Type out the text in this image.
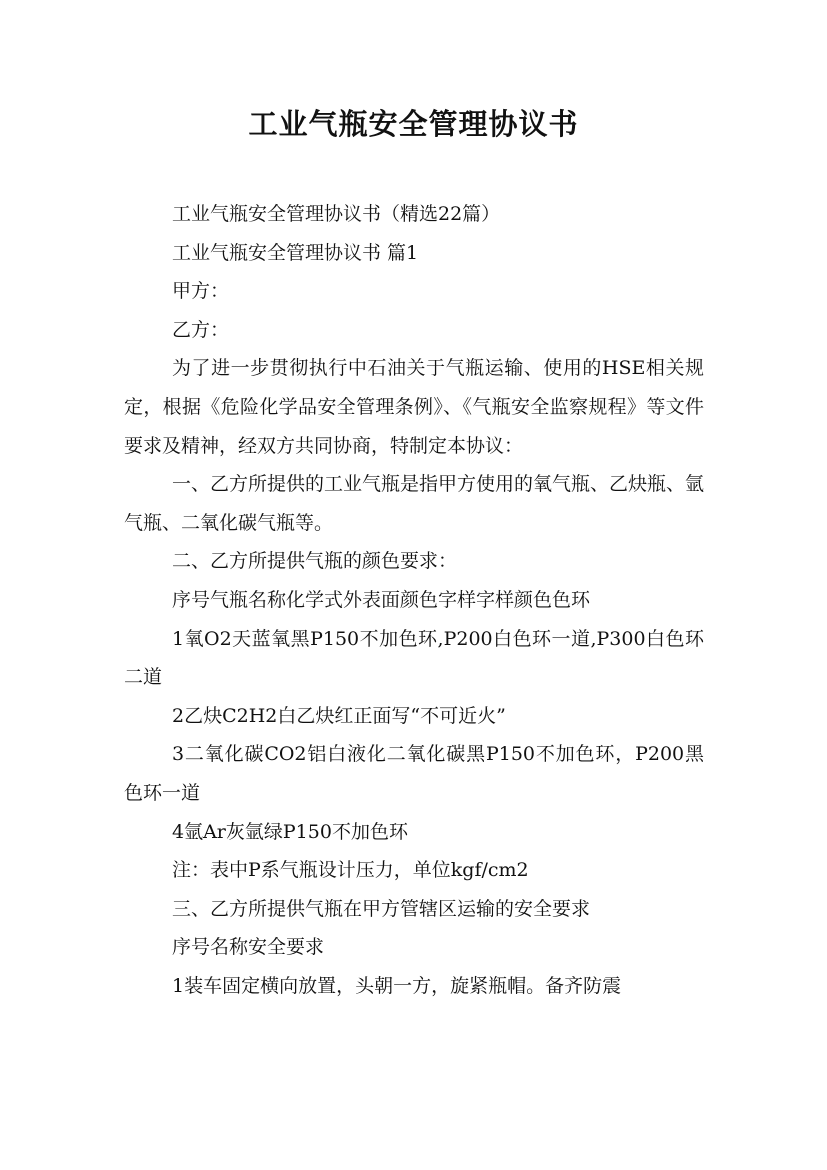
工业气瓶安全管理协议书

工业气瓶安全管理协议书（精选22篇）

工业气瓶安全管理协议书 篇1

甲方：

乙方：

为了进一步贯彻执行中石油关于气瓶运输、使用的HSE相关规定，根据《危险化学品安全管理条例》、《气瓶安全监察规程》等文件要求及精神，经双方共同协商，特制定本协议：

一、乙方所提供的工业气瓶是指甲方使用的氧气瓶、乙炔瓶、氩气瓶、二氧化碳气瓶等。

二、乙方所提供气瓶的颜色要求：

序号气瓶名称化学式外表面颜色字样字样颜色色环

1氧O2天蓝氧黑P150不加色环,P200白色环一道,P300白色环二道

2乙炔C2H2白乙炔红正面写“不可近火”

3二氧化碳CO2铝白液化二氧化碳黑P150不加色环，P200黑色环一道

4氩Ar灰氩绿P150不加色环

注：表中P系气瓶设计压力，单位kgf/cm2

三、乙方所提供气瓶在甲方管辖区运输的安全要求

序号名称安全要求

1装车固定横向放置，头朝一方，旋紧瓶帽。备齐防震
